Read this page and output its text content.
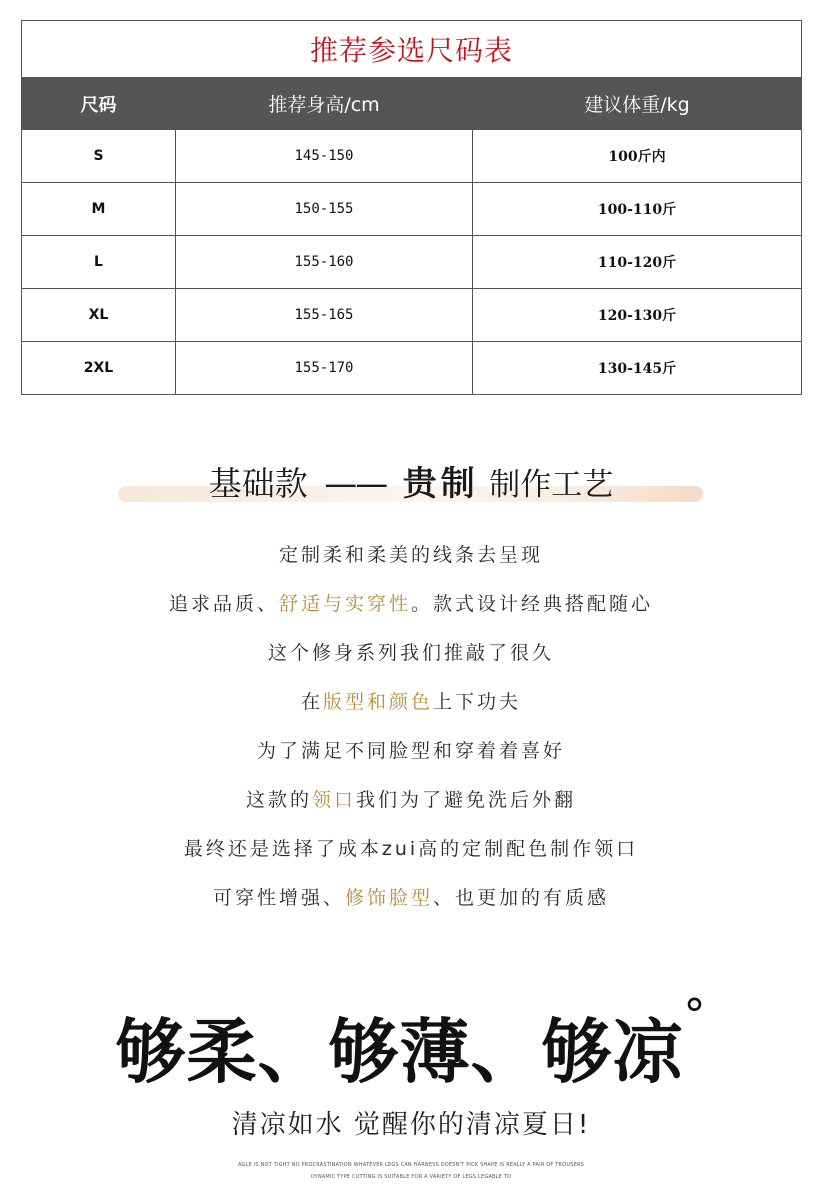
推荐参选尺码表		
尺码	推荐身高/cm	建议体重/kg
S	145-150	100斤内
M	150-155	100-110斤
L	155-160	110-120斤
XL	155-165	120-130斤
2XL	155-170	130-145斤
基础款 —— 贵制 制作工艺
定制柔和柔美的线条去呈现
追求品质、舒适与实穿性。款式设计经典搭配随心
这个修身系列我们推敲了很久
在版型和颜色上下功夫
为了满足不同脸型和穿着着喜好
这款的领口我们为了避免洗后外翻
最终还是选择了成本zui高的定制配色制作领口
可穿性增强、修饰脸型、也更加的有质感
够柔、够薄、够凉°
清凉如水 觉醒你的清凉夏日!
AGLE IS NOT TIGHT NO PROCRASTINATION WHATEVER LEGS CAN HARNESS DOESN'T PICK SHAPE IS REALLY A PAIR OF TROUSERS
DYNAMIC TYPE CUTTING IS SUITABLE FOR A VARIETY OF LEGS LEGABLE TO
